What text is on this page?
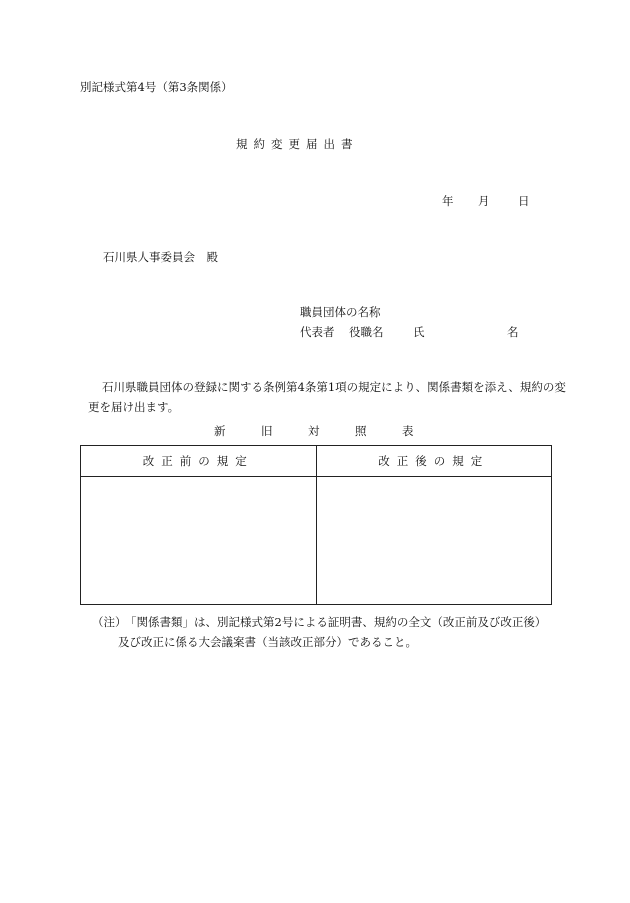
別記様式第4号（第3条関係）
規約変更届出書
年 月 日
石川県人事委員会　殿
職員団体の名称
代表者 役職名	氏	名
石川県職員団体の登録に関する条例第4条第1項の規定により、関係書類を添え、規約の変更を届け出ます。
新	旧	対	照	表
改正前の規定	改正後の規定

（注）「関係書類」は、別記様式第2号による証明書、規約の全文（改正前及び改正後）
及び改正に係る大会議案書（当該改正部分）であること。
